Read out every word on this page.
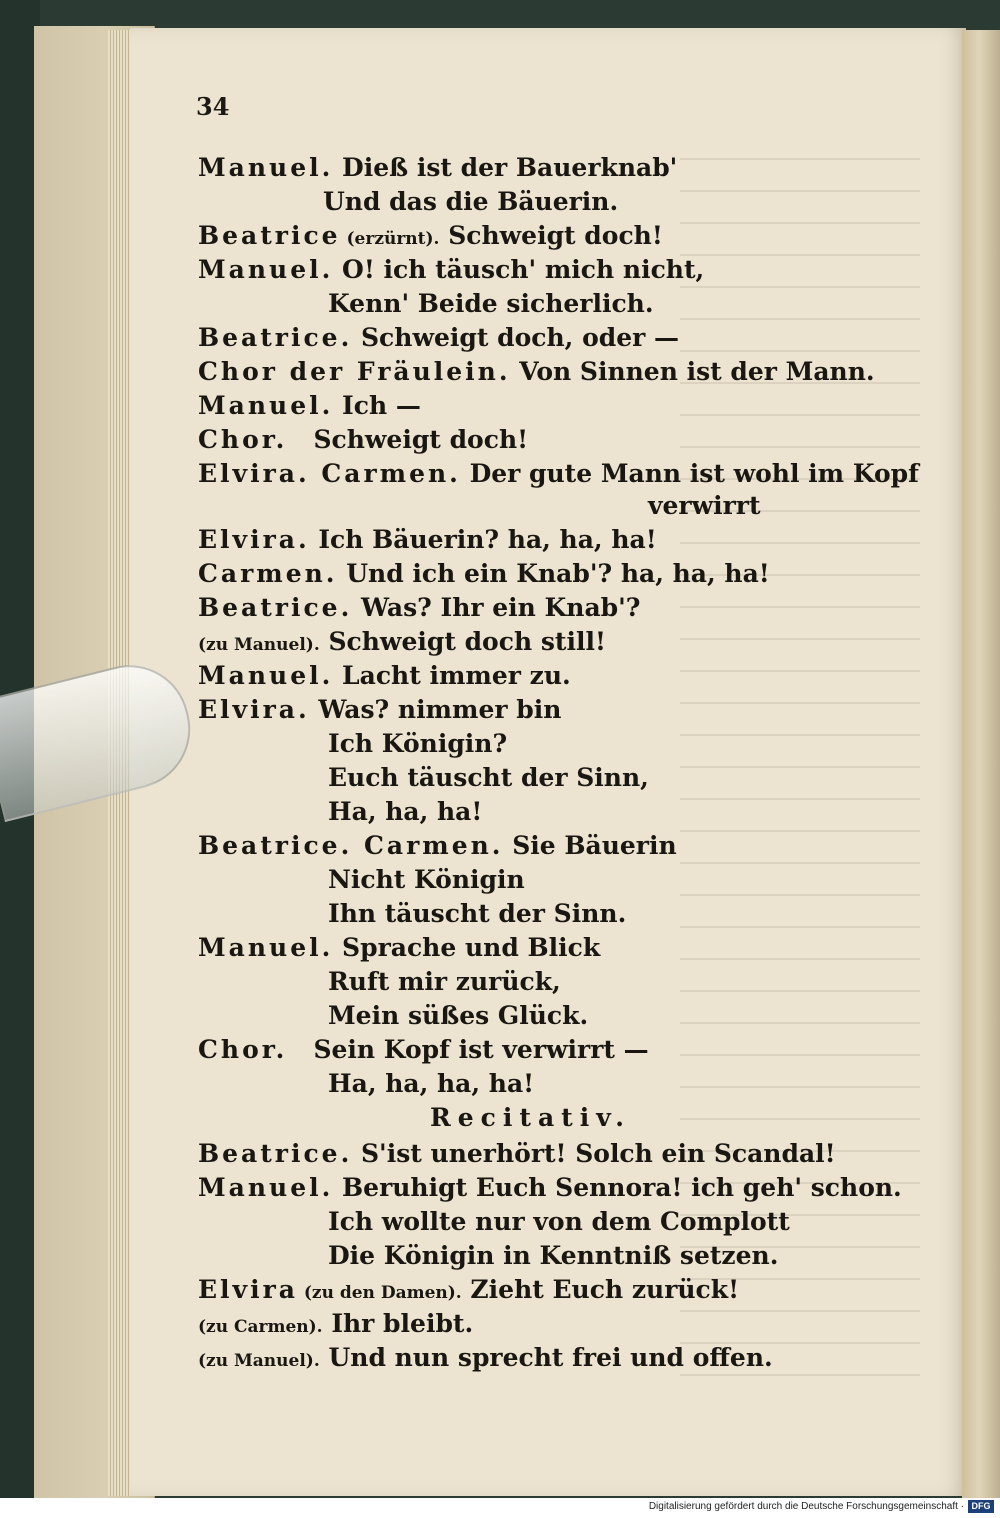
34
Manuel. Dieß ist der Bauerknab'
Und das die Bäuerin.
Beatrice (erzürnt). Schweigt doch!
Manuel. O! ich täusch' mich nicht,
Kenn' Beide sicherlich.
Beatrice. Schweigt doch, oder —
Chor der Fräulein. Von Sinnen ist der Mann.
Manuel. Ich —
Chor.   Schweigt doch!
Elvira. Carmen. Der gute Mann ist wohl im Kopf
verwirrt
Elvira. Ich Bäuerin? ha, ha, ha!
Carmen. Und ich ein Knab'? ha, ha, ha!
Beatrice. Was? Ihr ein Knab'?
(zu Manuel). Schweigt doch still!
Manuel. Lacht immer zu.
Elvira. Was? nimmer bin
Ich Königin?
Euch täuscht der Sinn,
Ha, ha, ha!
Beatrice. Carmen. Sie Bäuerin
Nicht Königin
Ihn täuscht der Sinn.
Manuel. Sprache und Blick
Ruft mir zurück,
Mein süßes Glück.
Chor.   Sein Kopf ist verwirrt —
Ha, ha, ha, ha!
Recitativ.
Beatrice. S'ist unerhört! Solch ein Scandal!
Manuel. Beruhigt Euch Sennora! ich geh' schon.
Ich wollte nur von dem Complott
Die Königin in Kenntniß setzen.
Elvira (zu den Damen). Zieht Euch zurück!
(zu Carmen). Ihr bleibt.
(zu Manuel). Und nun sprecht frei und offen.
Digitalisierung gefördert durch die Deutsche Forschungsgemeinschaft · DFG
